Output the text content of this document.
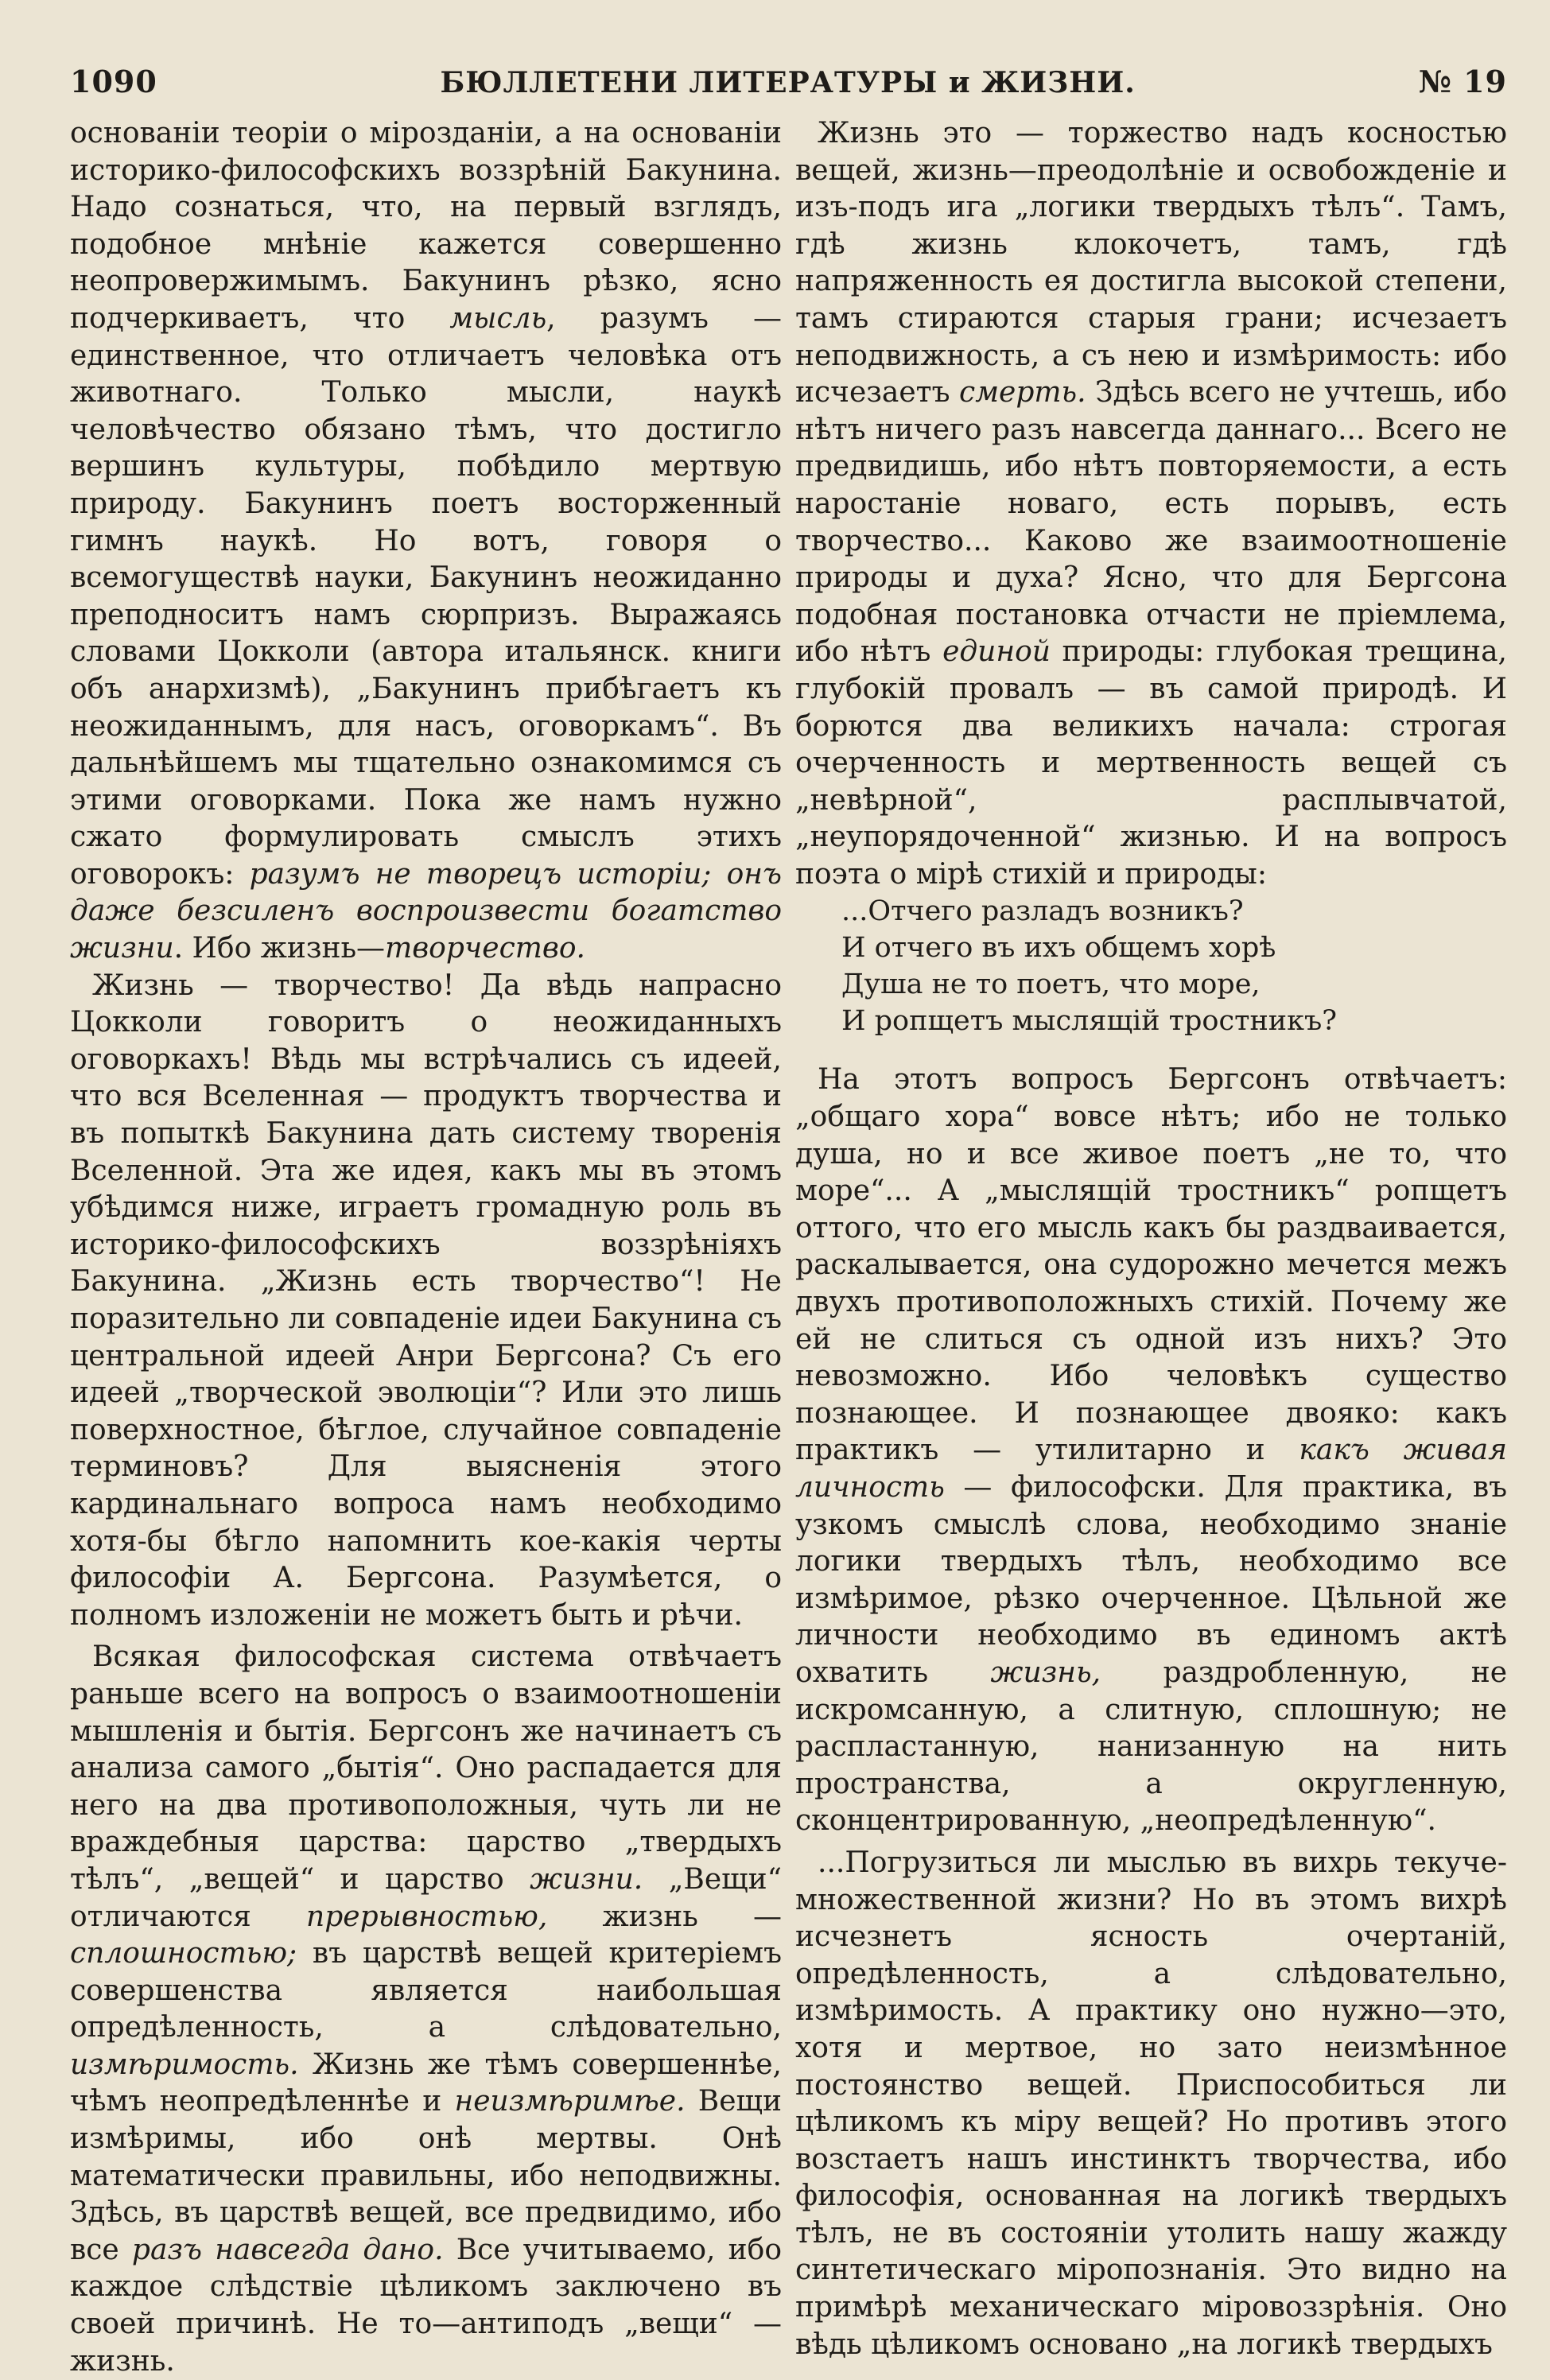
1090	БЮЛЛЕТЕНИ ЛИТЕРАТУРЫ и ЖИЗНИ.	№ 19

основаніи теоріи о мірозданіи, а на основаніи историко-философскихъ воззрѣній Бакунина. Надо сознаться, что, на первый взглядъ, подобное мнѣніе кажется совершенно неопровержимымъ. Бакунинъ рѣзко, ясно подчеркиваетъ, что мысль, разумъ — единственное, что отличаетъ человѣка отъ животнаго. Только мысли, наукѣ человѣчество обязано тѣмъ, что достигло вершинъ культуры, побѣдило мертвую природу. Бакунинъ поетъ восторженный гимнъ наукѣ. Но вотъ, говоря о всемогуществѣ науки, Бакунинъ неожиданно преподноситъ намъ сюрпризъ. Выражаясь словами Цокколи (автора итальянск. книги объ анархизмѣ), „Бакунинъ прибѣгаетъ къ неожиданнымъ, для насъ, оговоркамъ“. Въ дальнѣйшемъ мы тщательно ознакомимся съ этими оговорками. Пока же намъ нужно сжато формулировать смыслъ этихъ оговорокъ: разумъ не творецъ исторіи; онъ даже безсиленъ воспроизвести богатство жизни. Ибо жизнь—творчество.

Жизнь — творчество! Да вѣдь напрасно Цокколи говоритъ о неожиданныхъ оговоркахъ! Вѣдь мы встрѣчались съ идеей, что вся Вселенная — продуктъ творчества и въ попыткѣ Бакунина дать систему творенія Вселенной. Эта же идея, какъ мы въ этомъ убѣдимся ниже, играетъ громадную роль въ историко-философскихъ воззрѣніяхъ Бакунина. „Жизнь есть творчество“! Не поразительно ли совпаденіе идеи Бакунина съ центральной идеей Анри Бергсона? Съ его идеей „творческой эволюціи“? Или это лишь поверхностное, бѣглое, случайное совпаденіе терминовъ? Для выясненія этого кардинальнаго вопроса намъ необходимо хотя-бы бѣгло напомнить кое-какія черты философіи А. Бергсона. Разумѣется, о полномъ изложеніи не можетъ быть и рѣчи.

Всякая философская система отвѣчаетъ раньше всего на вопросъ о взаимоотношеніи мышленія и бытія. Бергсонъ же начинаетъ съ анализа самого „бытія“. Оно распадается для него на два противоположныя, чуть ли не враждебныя царства: царство „твердыхъ тѣлъ“, „вещей“ и царство жизни. „Вещи“ отличаются прерывностью, жизнь — сплошностью; въ царствѣ вещей критеріемъ совершенства является наибольшая опредѣленность, а слѣдовательно, измѣримость. Жизнь же тѣмъ совершеннѣе, чѣмъ неопредѣленнѣе и неизмѣримѣе. Вещи измѣримы, ибо онѣ мертвы. Онѣ математически правильны, ибо неподвижны. Здѣсь, въ царствѣ вещей, все предвидимо, ибо все разъ навсегда дано. Все учитываемо, ибо каждое слѣдствіе цѣликомъ заключено въ своей причинѣ. Не то—антиподъ „вещи“ — жизнь.

Жизнь это — торжество надъ косностью вещей, жизнь—преодолѣніе и освобожденіе и изъ-подъ ига „логики твердыхъ тѣлъ“. Тамъ, гдѣ жизнь клокочетъ, тамъ, гдѣ напряженность ея достигла высокой степени, тамъ стираются старыя грани; исчезаетъ неподвижность, а съ нею и измѣримость: ибо исчезаетъ смерть. Здѣсь всего не учтешь, ибо нѣтъ ничего разъ навсегда даннаго... Всего не предвидишь, ибо нѣтъ повторяемости, а есть наростаніе новаго, есть порывъ, есть творчество... Каково же взаимоотношеніе природы и духа? Ясно, что для Бергсона подобная постановка отчасти не пріемлема, ибо нѣтъ единой природы: глубокая трещина, глубокій провалъ — въ самой природѣ. И борются два великихъ начала: строгая очерченность и мертвенность вещей съ „невѣрной“, расплывчатой, „неупорядоченной“ жизнью. И на вопросъ поэта о мірѣ стихій и природы:

...Отчего разладъ возникъ?
И отчего въ ихъ общемъ хорѣ
Душа не то поетъ, что море,
И ропщетъ мыслящій тростникъ?

На этотъ вопросъ Бергсонъ отвѣчаетъ: „общаго хора“ вовсе нѣтъ; ибо не только душа, но и все живое поетъ „не то, что море“... А „мыслящій тростникъ“ ропщетъ оттого, что его мысль какъ бы раздваивается, раскалывается, она судорожно мечется межъ двухъ противоположныхъ стихій. Почему же ей не слиться съ одной изъ нихъ? Это невозможно. Ибо человѣкъ существо познающее. И познающее двояко: какъ практикъ — утилитарно и какъ живая личность — философски. Для практика, въ узкомъ смыслѣ слова, необходимо знаніе логики твердыхъ тѣлъ, необходимо все измѣримое, рѣзко очерченное. Цѣльной же личности необходимо въ единомъ актѣ охватить жизнь, раздробленную, не искромсанную, а слитную, сплошную; не распластанную, нанизанную на нить пространства, а округленную, сконцентрированную, „неопредѣленную“.

...Погрузиться ли мыслью въ вихрь текуче-множественной жизни? Но въ этомъ вихрѣ исчезнетъ ясность очертаній, опредѣленность, а слѣдовательно, измѣримость. А практику оно нужно—это, хотя и мертвое, но зато неизмѣнное постоянство вещей. Приспособиться ли цѣликомъ къ міру вещей? Но противъ этого возстаетъ нашъ инстинктъ творчества, ибо философія, основанная на логикѣ твердыхъ тѣлъ, не въ состояніи утолить нашу жажду синтетическаго міропознанія. Это видно на примѣрѣ механическаго міровоззрѣнія. Оно вѣдь цѣликомъ основано „на логикѣ твердыхъ
